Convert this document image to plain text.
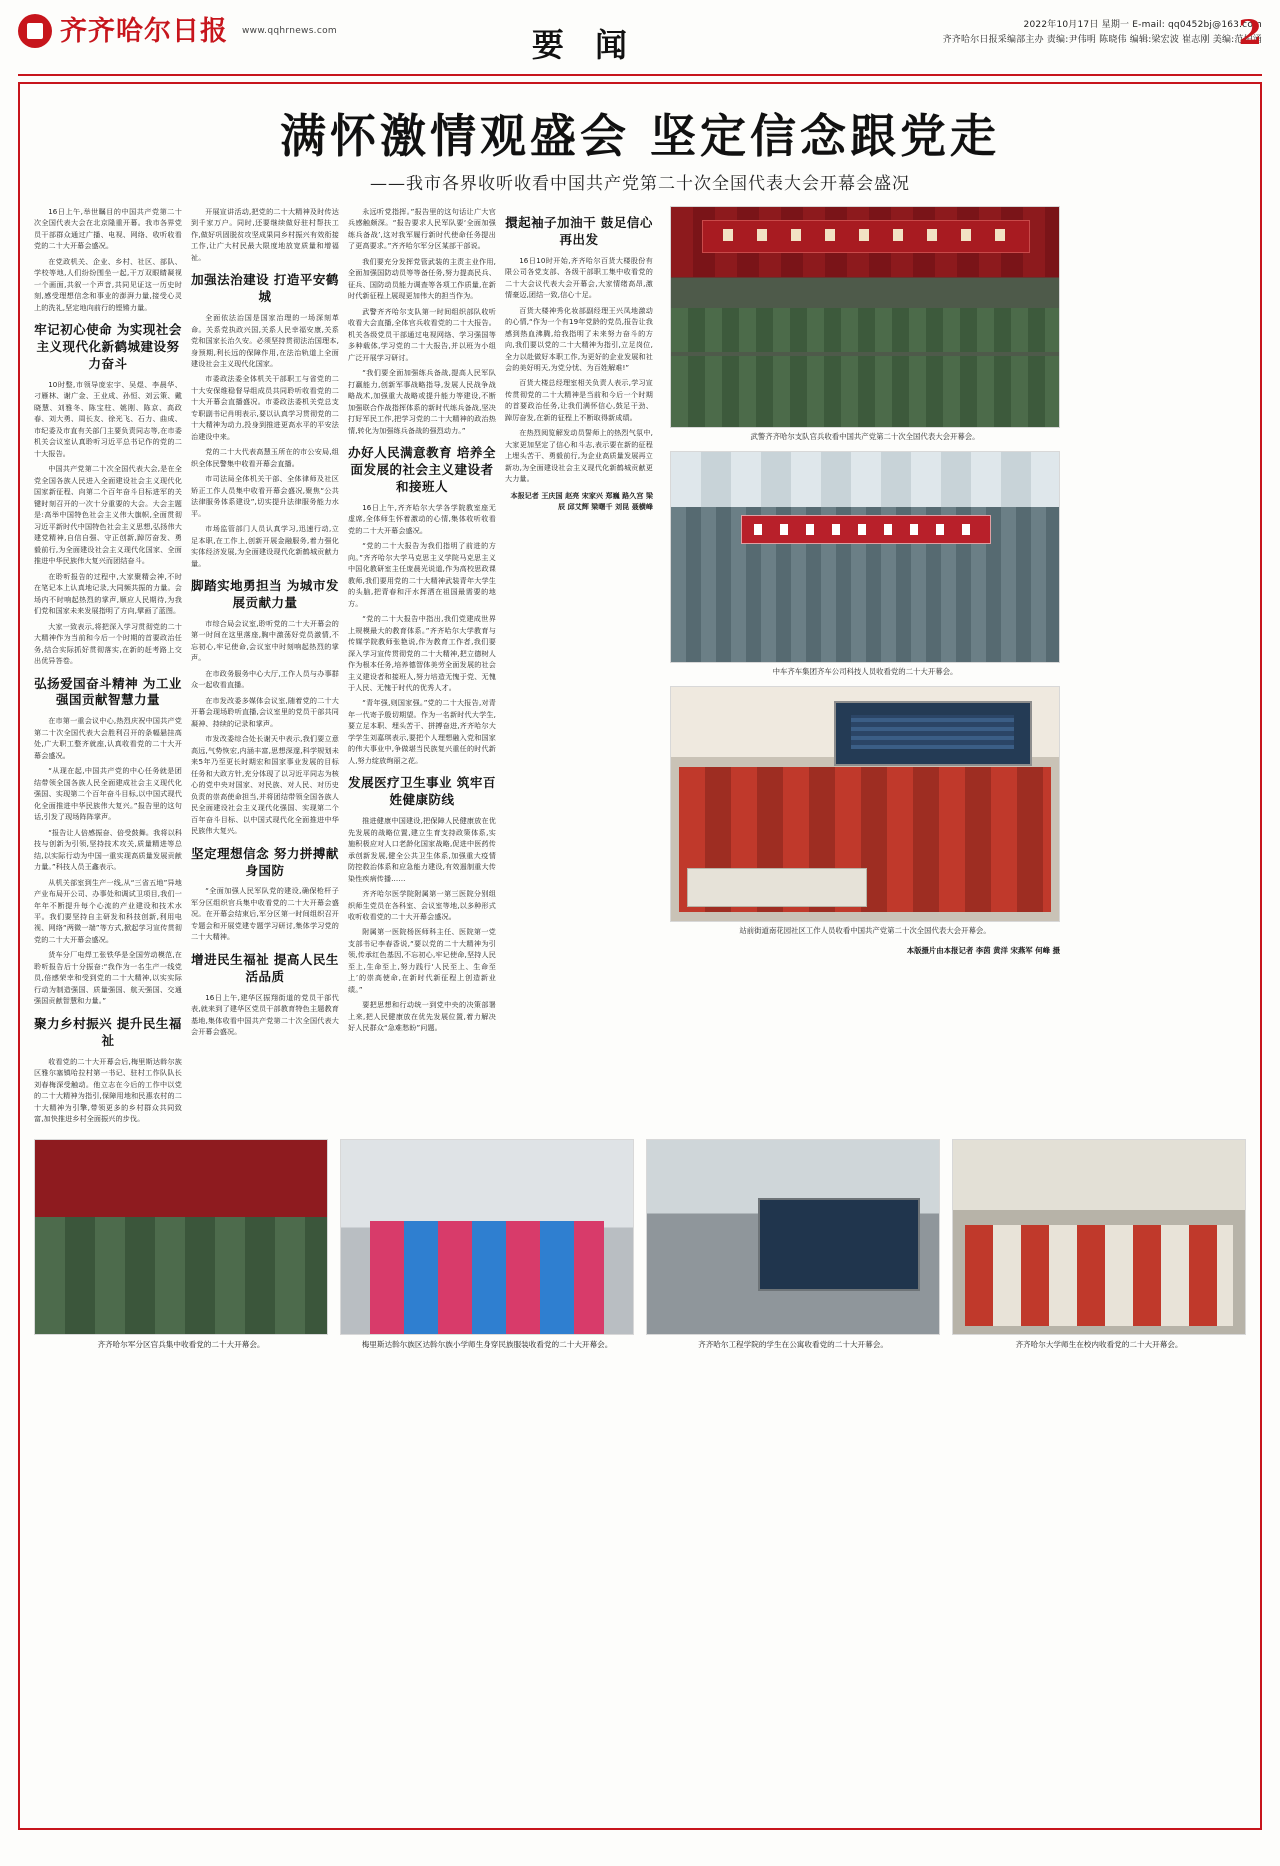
齐齐哈尔日报 www.qqhrnews.com	要 闻
2022年10月17日 星期一 E-mail: qq0452bj@163.com
齐齐哈尔日报采编部主办 责编:尹伟明 陈晓伟 编辑:梁宏波 崔志刚 美编:范柏涌
2
满怀激情观盛会 坚定信念跟党走
——我市各界收听收看中国共产党第二十次全国代表大会开幕会盛况

16日上午,举世瞩目的中国共产党第二十次全国代表大会在北京隆重开幕。我市各界党员干部群众通过广播、电视、网络、收听收看党的二十大开幕会盛况。

在党政机关、企业、乡村、社区、部队、学校等地,人们纷纷围坐一起,干万双眼睛凝视一个画面,共叙一个声音,共同见证这一历史时刻,感受理想信念和事业的澎湃力量,接受心灵上的洗礼,坚定地向前行的铿锵力量。

牢记初心使命 为实现社会主义现代化新鹤城建设努力奋斗

10时整,市领导庞宏宇、吴煜、李晨华、刁雁林、谢广金、王业成、孙恒、刘云策、戴晓慧、刘雅冬、陈宝柱、姚刚、陈京、高政春、刘大勇、周长友、徐光飞、石力、曲成、市纪委及市直有关部门主要负责同志等,在市委机关会议室认真聆听习近平总书记作的党的二十大报告。

中国共产党第二十次全国代表大会,是在全党全国各族人民进入全面建设社会主义现代化国家新征程、向第二个百年奋斗目标进军的关键时刻召开的一次十分重要的大会。大会主题是:高举中国特色社会主义伟大旗帜,全面贯彻习近平新时代中国特色社会主义思想,弘扬伟大建党精神,自信自强、守正创新,踔厉奋发、勇毅前行,为全面建设社会主义现代化国家、全面推进中华民族伟大复兴而团结奋斗。

在聆听报告的过程中,大家聚精会神,不时在笔记本上认真地记录,大同频共振的力量。会场内不时响起热烈的掌声,顺应人民期待,为我们党和国家未来发展指明了方向,擘画了蓝图。

大家一致表示,将把深入学习贯彻党的二十大精神作为当前和今后一个时期的首要政治任务,结合实际抓好贯彻落实,在新的赶考路上交出优异答卷。

弘扬爱国奋斗精神 为工业强国贡献智慧力量

在市第一重会议中心,热烈庆祝中国共产党第二十次全国代表大会胜利召开的条幅悬挂高处,广大职工整齐就座,认真收看党的二十大开幕会盛况。

“从现在起,中国共产党的中心任务就是团结带领全国各族人民全面建成社会主义现代化强国、实现第二个百年奋斗目标,以中国式现代化全面推进中华民族伟大复兴。”报告里的这句话,引发了现场阵阵掌声。

“报告让人倍感振奋、倍受鼓舞。我将以科技与创新为引领,坚持技术攻关,质量精进等总结,以实际行动为中国一重实现高质量发展贡献力量。”科技人员王鑫表示。

从机关部室到生产一线,从“三省五地”异地产业布局开公司、办事处和调试卫项目,我们一年年不断提升每个心流的产业建设和技术水平。我们要坚持自主研发和科技创新,利用电视、网络“两微一端”等方式,掀起学习宣传贯彻党的二十大开幕会盛况。

货车分厂电焊工张铁华是全国劳动模范,在聆听报告后十分振奋:“我作为一名生产一线党员,倍感荣幸和受到党的二十大精神,以实实际行动为制造强国、质量强国、航天强国、交通强国贡献智慧和力量。”

聚力乡村振兴 提升民生福祉

收看党的二十大开幕会后,梅里斯达斡尔族区雅尔塞镇哈拉村第一书记、驻村工作队队长刘春梅深受触动。他立志在今后的工作中以党的二十大精神为指引,保障用地和民惠农村的二十大精神为引擎,带领更多的乡村群众共同致富,加快推进乡村全面振兴的步伐。

开展宣讲活动,把党的二十大精神及时传达到千家万户。同时,还要继续做好驻村帮扶工作,做好巩固脱贫攻坚成果同乡村振兴有效衔接工作,让广大村民最大限度地放宽质量和增福祉。

加强法治建设 打造平安鹤城

全面依法治国是国家治理的一场深刻革命。关系党执政兴国,关系人民幸福安康,关系党和国家长治久安。必须坚持贯彻法治国理本,身预期,利长远的保障作用,在法治轨道上全面建设社会主义现代化国家。

市委政法委全体机关干部职工与省党的二十大安保维稳督导组成员共同聆听收看党的二十大开幕会直播盛况。市委政法委机关党总支专职副书记肖明表示,要以认真学习贯彻党的二十大精神为动力,投身到推进更高水平的平安法治建设中来。

党的二十大代表高慧玉所在的市公安局,组织全体民警集中收看开幕会直播。

市司法局全体机关干部、全体律师及社区矫正工作人员集中收看开幕会盛况,聚焦“公共法律服务体系建设”,切实提升法律服务能力水平。

市场监管部门人员认真学习,迅速行动,立足本职,在工作上,创新开展金融服务,着力强化实体经济发展,为全面建设现代化新鹤城贡献力量。

脚踏实地勇担当 为城市发展贡献力量

市综合局会议室,聆听党的二十大开幕会的第一时间在这里落座,胸中激荡好党员激情,不忘初心,牢记使命,会议室中时刻响起热烈的掌声。

在市政务服务中心大厅,工作人员与办事群众一起收看直播。

在市发改委多媒体会议室,随着党的二十大开幕会现场聆听直播,会议室里的党员干部共同凝神、持续的记录和掌声。

市发改委综合处长谢天中表示,我们要立意高远,气势恢宏,内涵丰富,思想深邃,科学规划未来5年乃至更长时期宏和国家事业发展的目标任务和大政方针,充分体现了以习近平同志为核心的党中央对国家、对民族、对人民、对历史负责的崇高使命担当,并将团结带领全国各族人民全面建设社会主义现代化强国、实现第二个百年奋斗目标、以中国式现代化全面推进中华民族伟大复兴。

坚定理想信念 努力拼搏献身国防

“全面加强人民军队党的建设,确保枪杆子军分区组织官兵集中收看党的二十大开幕会盛况。在开幕会结束后,军分区第一时间组织召开专题会和开展党建专题学习研讨,集体学习党的二十大精神。

增进民生福祉 提高人民生活品质

16日上午,建华区振翔街道的党员干部代表,就来到了建华区党员干部教育特色主题教育基地,集体收看中国共产党第二十次全国代表大会开幕会盛况。

永远听党指挥。”报告里的这句话让广大官兵感触颇深。“报告要求人民军队要‘全面加强练兵备战’,这对我军履行新时代使命任务提出了更高要求。”齐齐哈尔军分区某部干部说。

我们要充分发挥党管武装的主责主业作用,全面加强国防动员等等备任务,努力提高民兵、征兵、国防动员能力调查等各项工作质量,在新时代新征程上展现更加伟大的担当作为。

武警齐齐哈尔支队第一时间组织部队收听收看大会直播,全体官兵收看党的二十大报告。机关各级党员干部通过电视网络、学习强国等多种载体,学习党的二十大报告,并以班为小组广泛开展学习研讨。

“我们要全面加强练兵备战,提高人民军队打赢能力,创新军事战略指导,发展人民战争战略战术,加强重大战略或提升能力等建设,不断加强联合作战指挥体系的新时代练兵备战,坚决打好军民工作,把学习党的二十大精神的政治热情,转化为加强练兵备战的强烈动力。”

办好人民满意教育 培养全面发展的社会主义建设者和接班人

16日上午,齐齐哈尔大学各学院教室座无虚席,全体师生怀着激动的心情,集体收听收看党的二十大开幕会盛况。

“党的二十大报告为我们指明了前进的方向。”齐齐哈尔大学马克思主义学院马克思主义中国化教研室主任庞晨光说道,作为高校思政课教师,我们要用党的二十大精神武装青年大学生的头脑,把青春和汗水挥洒在祖国最需要的地方。

“党的二十大报告中指出,我们党建成世界上规模最大的教育体系。”齐齐哈尔大学教育与传媒学院教师张艳说,作为教育工作者,我们要深入学习宣传贯彻党的二十大精神,把立德树人作为根本任务,培养德智体美劳全面发展的社会主义建设者和接班人,努力培造无愧于党、无愧于人民、无愧于时代的优秀人才。

“青年强,则国家强。”党的二十大报告,对青年一代寄予殷切期望。作为一名新时代大学生,要立足本职、埋头苦干、拼搏奋进,齐齐哈尔大学学生刘嘉琪表示,要把个人理想融入党和国家的伟大事业中,争做堪当民族复兴重任的时代新人,努力绽放绚丽之花。

发展医疗卫生事业 筑牢百姓健康防线

推进健康中国建设,把保障人民健康放在优先发展的战略位置,建立生育支持政策体系,实施积极应对人口老龄化国家战略,促进中医药传承创新发展,健全公共卫生体系,加强重大疫情防控救治体系和应急能力建设,有效遏制重大传染性疾病传播……

齐齐哈尔医学院附属第一第三医院分别组织师生党员在各科室、会议室等地,以多种形式收听收看党的二十大开幕会盛况。

附属第一医院杨医师科主任、医院第一党支部书记李春香说,“要以党的二十大精神为引领,传承红色基因,不忘初心,牢记使命,坚持人民至上,生命至上,努力践行‘人民至上、生命至上’的崇高使命,在新时代新征程上创造新业绩。”

要把思想和行动统一到党中央的决策部署上来,把人民健康放在优先发展位置,着力解决好人民群众“急难愁盼”问题。

擐起袖子加油干 鼓足信心再出发

16日10时开始,齐齐哈尔百货大楼股份有限公司各党支部、各级干部职工集中收看党的二十大会议代表大会开幕会,大家情绪高昂,激情豪迈,团结一致,信心十足。

百货大楼神秀化妆部副经理王兴凤地激动的心情,“作为一个有19年党龄的党员,报告让我感到热血沸腾,给我指明了未来努力奋斗的方向,我们要以党的二十大精神为指引,立足岗位,全力以赴做好本职工作,为更好的企业发展和社会的美好明天,为党分忧、为百姓解难!”

百货大楼总经理室相关负责人表示,学习宣传贯彻党的二十大精神是当前和今后一个时期的首要政治任务,让我们满怀信心,鼓足干劲、踔厉奋发,在新的征程上不断取得新成绩。

在热烈阅览解发动员誓师上的热烈气氛中,大家更加坚定了信心和斗志,表示要在新的征程上埋头苦干、勇毅前行,为企业高质量发展再立新功,为全面建设社会主义现代化新鹤城贡献更大力量。

本报记者 王庆国 赵亮 宋家兴 郑巍 路久宫 梁辰 邱艾辉 梁曙千 刘昆 聂横峰
武警齐齐哈尔支队官兵收看中国共产党第二十次全国代表大会开幕会。
中车齐车集团齐车公司科技人员收看党的二十大开幕会。
站前街道南花园社区工作人员收看中国共产党第二十次全国代表大会开幕会。
本版摄片由本报记者 李茵 黄洋 宋燕军 何峰 摄
齐齐哈尔军分区官兵集中收看党的二十大开幕会。	梅里斯达斡尔族区达斡尔族小学师生身穿民族服装收看党的二十大开幕会。	齐齐哈尔工程学院的学生在公寓收看党的二十大开幕会。	齐齐哈尔大学师生在校内收看党的二十大开幕会。
